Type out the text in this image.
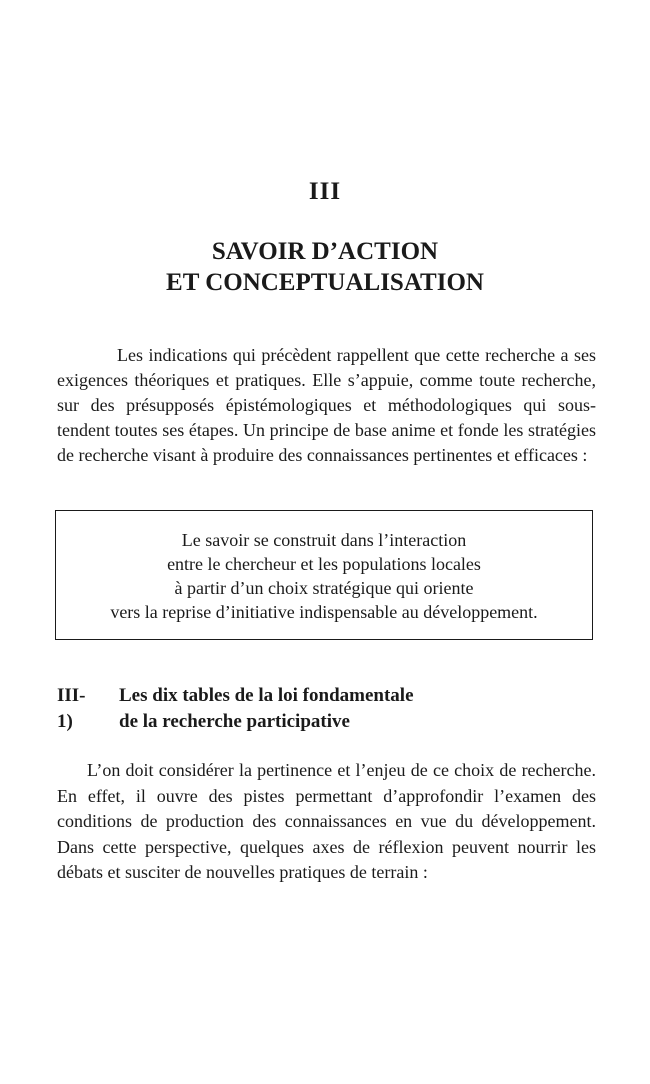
III
SAVOIR D’ACTION
ET CONCEPTUALISATION

Les indications qui précèdent rappellent que cette recherche a ses exigences théoriques et pratiques. Elle s’appuie, comme toute recherche, sur des présupposés épistémologiques et méthodologiques qui sous-tendent toutes ses étapes. Un principe de base anime et fonde les stratégies de recherche visant à produire des connaissances pertinentes et efficaces :

Le savoir se construit dans l’interaction
entre le chercheur et les populations locales
à partir d’un choix stratégique qui oriente
vers la reprise d’initiative indispensable au développement.
III-1)
Les dix tables de la loi fondamentale
de la recherche participative

L’on doit considérer la pertinence et l’enjeu de ce choix de recherche. En effet, il ouvre des pistes permettant d’approfondir l’examen des conditions de production des connaissances en vue du développement. Dans cette perspective, quelques axes de réflexion peuvent nourrir les débats et susciter de nouvelles pratiques de terrain :
